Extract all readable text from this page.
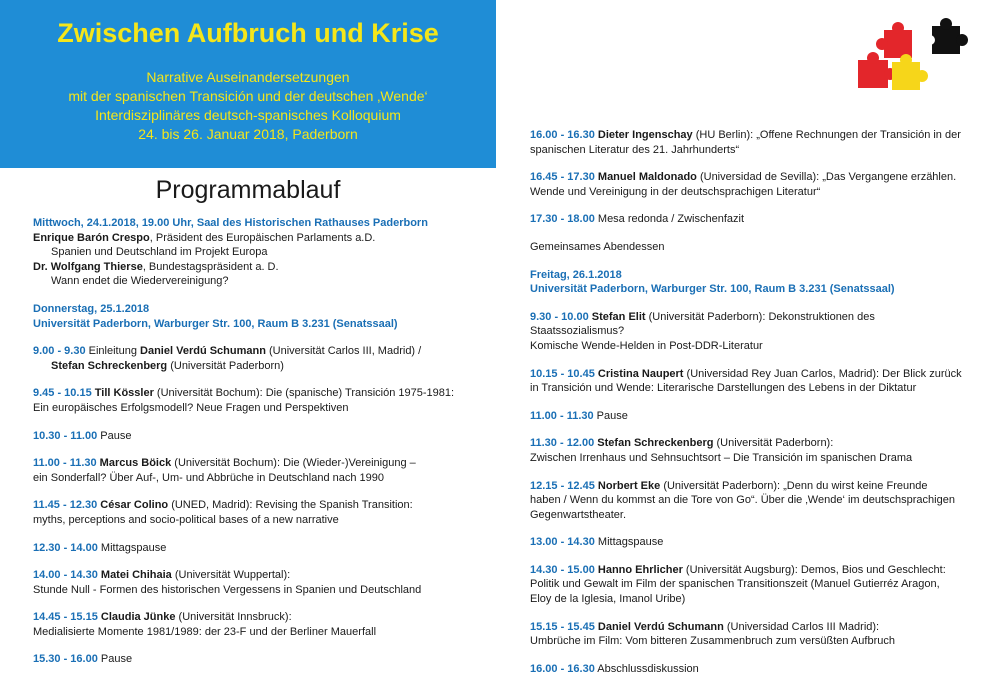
Zwischen Aufbruch und Krise
Narrative Auseinandersetzungen
mit der spanischen Transición und der deutschen ‚Wende‘
Interdisziplinäres deutsch-spanisches Kolloquium
24. bis 26. Januar 2018, Paderborn
Programmablauf
Mittwoch, 24.1.2018, 19.00 Uhr, Saal des Historischen Rathauses Paderborn
Enrique Barón Crespo, Präsident des Europäischen Parlaments a.D.
Spanien und Deutschland im Projekt Europa
Dr. Wolfgang Thierse, Bundestagspräsident a. D.
Wann endet die Wiedervereinigung?
Donnerstag, 25.1.2018
Universität Paderborn, Warburger Str. 100, Raum B 3.231 (Senatssaal)
9.00 - 9.30 Einleitung Daniel Verdú Schumann (Universität Carlos III, Madrid) /
Stefan Schreckenberg (Universität Paderborn)
9.45 - 10.15 Till Kössler (Universität Bochum): Die (spanische) Transición 1975-1981:
Ein europäisches Erfolgsmodell? Neue Fragen und Perspektiven
10.30 - 11.00 Pause
11.00 - 11.30 Marcus Böick (Universität Bochum): Die (Wieder-)Vereinigung –
ein Sonderfall? Über Auf-, Um- und Abbrüche in Deutschland nach 1990
11.45 - 12.30 César Colino (UNED, Madrid): Revising the Spanish Transition:
myths, perceptions and socio-political bases of a new narrative
12.30 - 14.00 Mittagspause
14.00 - 14.30 Matei Chihaia (Universität Wuppertal):
Stunde Null - Formen des historischen Vergessens in Spanien und Deutschland
14.45 - 15.15 Claudia Jünke (Universität Innsbruck):
Medialisierte Momente 1981/1989: der 23-F und der Berliner Mauerfall
15.30 - 16.00 Pause
16.00 - 16.30 Dieter Ingenschay (HU Berlin): „Offene Rechnungen der Transición in der
spanischen Literatur des 21. Jahrhunderts“
16.45 - 17.30 Manuel Maldonado (Universidad de Sevilla): „Das Vergangene erzählen.
Wende und Vereinigung in der deutschsprachigen Literatur“
17.30 - 18.00 Mesa redonda / Zwischenfazit
Gemeinsames Abendessen
Freitag, 26.1.2018
Universität Paderborn, Warburger Str. 100, Raum B 3.231 (Senatssaal)
9.30 - 10.00 Stefan Elit (Universität Paderborn): Dekonstruktionen des Staatssozialismus?
Komische Wende-Helden in Post-DDR-Literatur
10.15 - 10.45 Cristina Naupert (Universidad Rey Juan Carlos, Madrid): Der Blick zurück
in Transición und Wende: Literarische Darstellungen des Lebens in der Diktatur
11.00 - 11.30 Pause
11.30 - 12.00 Stefan Schreckenberg (Universität Paderborn):
Zwischen Irrenhaus und Sehnsuchtsort – Die Transición im spanischen Drama
12.15 - 12.45 Norbert Eke (Universität Paderborn): „Denn du wirst keine Freunde
haben / Wenn du kommst an die Tore von Go“. Über die ‚Wende‘ im deutschsprachigen
Gegenwartstheater.
13.00 - 14.30 Mittagspause
14.30 - 15.00 Hanno Ehrlicher (Universität Augsburg): Demos, Bios und Geschlecht:
Politik und Gewalt im Film der spanischen Transitionszeit (Manuel Gutierréz Aragon,
Eloy de la Iglesia, Imanol Uribe)
15.15 - 15.45 Daniel Verdú Schumann (Universidad Carlos III Madrid):
Umbrüche im Film: Vom bitteren Zusammenbruch zum versüßten Aufbruch
16.00 - 16.30 Abschlussdiskussion
